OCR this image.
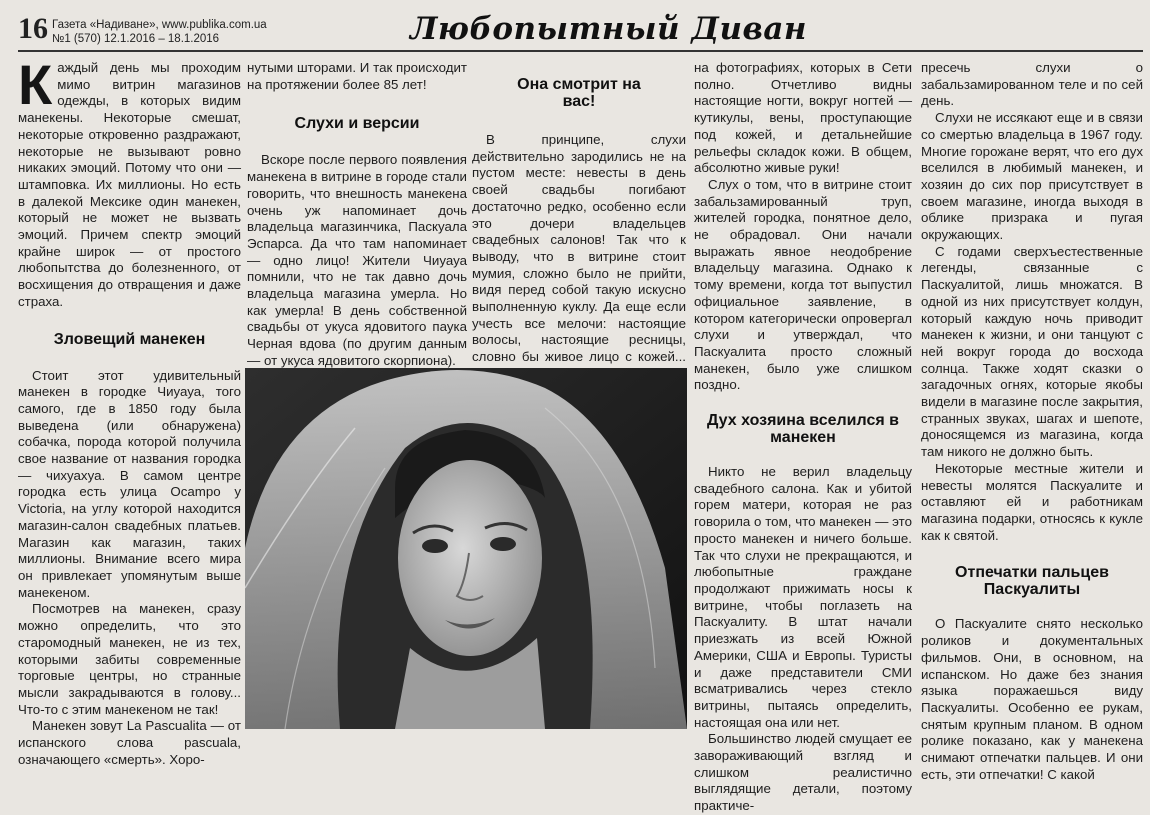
16 Газета «Надиване», www.publika.com.ua
№1 (570) 12.1.2016 – 18.1.2016	Любопытный Диван

Каждый день мы проходим мимо витрин магазинов одежды, в которых видим манекены. Некоторые смешат, некоторые откровенно раздражают, некоторые не вызывают ровно никаких эмоций. Потому что они — штамповка. Их миллионы. Но есть в далекой Мексике один манекен, который не может не вызвать эмоций. Причем спектр эмоций крайне широк — от простого любопытства до болезненного, от восхищения до отвращения и даже страха.

Зловещий манекен

Стоит этот удивительный манекен в городке Чиуауа, того самого, где в 1850 году была выведена (или обнаружена) собачка, порода которой получила свое название от названия городка — чихуахуа. В самом центре городка есть улица Ocampo y Victoria, на углу которой находится магазин-салон свадебных платьев. Магазин как магазин, таких миллионы. Внимание всего мира он привлекает упомянутым выше манекеном.

Посмотрев на манекен, сразу можно определить, что это старомодный манекен, не из тех, которыми забиты современные торговые центры, но странные мысли закрадываются в голову... Что-то с этим манекеном не так!

Манекен зовут La Pascualita — от испанского слова pascuala, означающего «смерть». Хоро-

нутыми шторами. И так происходит на протяжении более 85 лет!

Слухи и версии

Вскоре после первого появления манекена в витрине в городе стали говорить, что внешность манекена очень уж напоминает дочь владельца магазинчика, Паскуала Эспарса. Да что там напоминает — одно лицо! Жители Чиуауа помнили, что не так давно дочь владельца магазина умерла. Но как умерла! В день собственной свадьбы от укуса ядовитого паука Черная вдова (по другим данным — от укуса ядовитого скорпиона).

Она смотрит на вас!

В принципе, слухи действительно зародились не на пустом месте: невесты в день своей свадьбы погибают достаточно редко, особенно если это дочери владельцев свадебных салонов! Так что к выводу, что в витрине стоит мумия, сложно было не прийти, видя перед собой такую искусно выполненную куклу. Да еще если учесть все мелочи: настоящие волосы, настоящие ресницы, словно бы живое лицо с кожей...

на фотографиях, которых в Сети полно. Отчетливо видны настоящие ногти, вокруг ногтей — кутикулы, вены, проступающие под кожей, и детальнейшие рельефы складок кожи. В общем, абсолютно живые руки!

Слух о том, что в витрине стоит забальзамированный труп, жителей городка, понятное дело, не обрадовал. Они начали выражать явное неодобрение владельцу магазина. Однако к тому времени, когда тот выпустил официальное заявление, в котором категорически опровергал слухи и утверждал, что Паскуалита просто сложный манекен, было уже слишком поздно.

Дух хозяина вселился в манекен

Никто не верил владельцу свадебного салона. Как и убитой горем матери, которая не раз говорила о том, что манекен — это просто манекен и ничего больше. Так что слухи не прекращаются, и любопытные граждане продолжают прижимать носы к витрине, чтобы поглазеть на Паскуалиту. В штат начали приезжать из всей Южной Америки, США и Европы. Туристы и даже представители СМИ всматривались через стекло витрины, пытаясь определить, настоящая она или нет.

Большинство людей смущает ее завораживающий взгляд и слишком реалистично выглядящие детали, поэтому практиче-

пресечь слухи о забальзамированном теле и по сей день.

Слухи не иссякают еще и в связи со смертью владельца в 1967 году. Многие горожане верят, что его дух вселился в любимый манекен, и хозяин до сих пор присутствует в своем магазине, иногда выходя в облике призрака и пугая окружающих.

С годами сверхъестественные легенды, связанные с Паскуалитой, лишь множатся. В одной из них присутствует колдун, который каждую ночь приводит манекен к жизни, и они танцуют с ней вокруг города до восхода солнца. Также ходят сказки о загадочных огнях, которые якобы видели в магазине после закрытия, странных звуках, шагах и шепоте, доносящемся из магазина, когда там никого не должно быть.

Некоторые местные жители и невесты молятся Паскуалите и оставляют ей и работникам магазина подарки, относясь к кукле как к святой.

Отпечатки пальцев Паскуалиты

О Паскуалите снято несколько роликов и документальных фильмов. Они, в основном, на испанском. Но даже без знания языка поражаешься виду Паскуалиты. Особенно ее рукам, снятым крупным планом. В одном ролике показано, как у манекена снимают отпечатки пальцев. И они есть, эти отпечатки! С какой
